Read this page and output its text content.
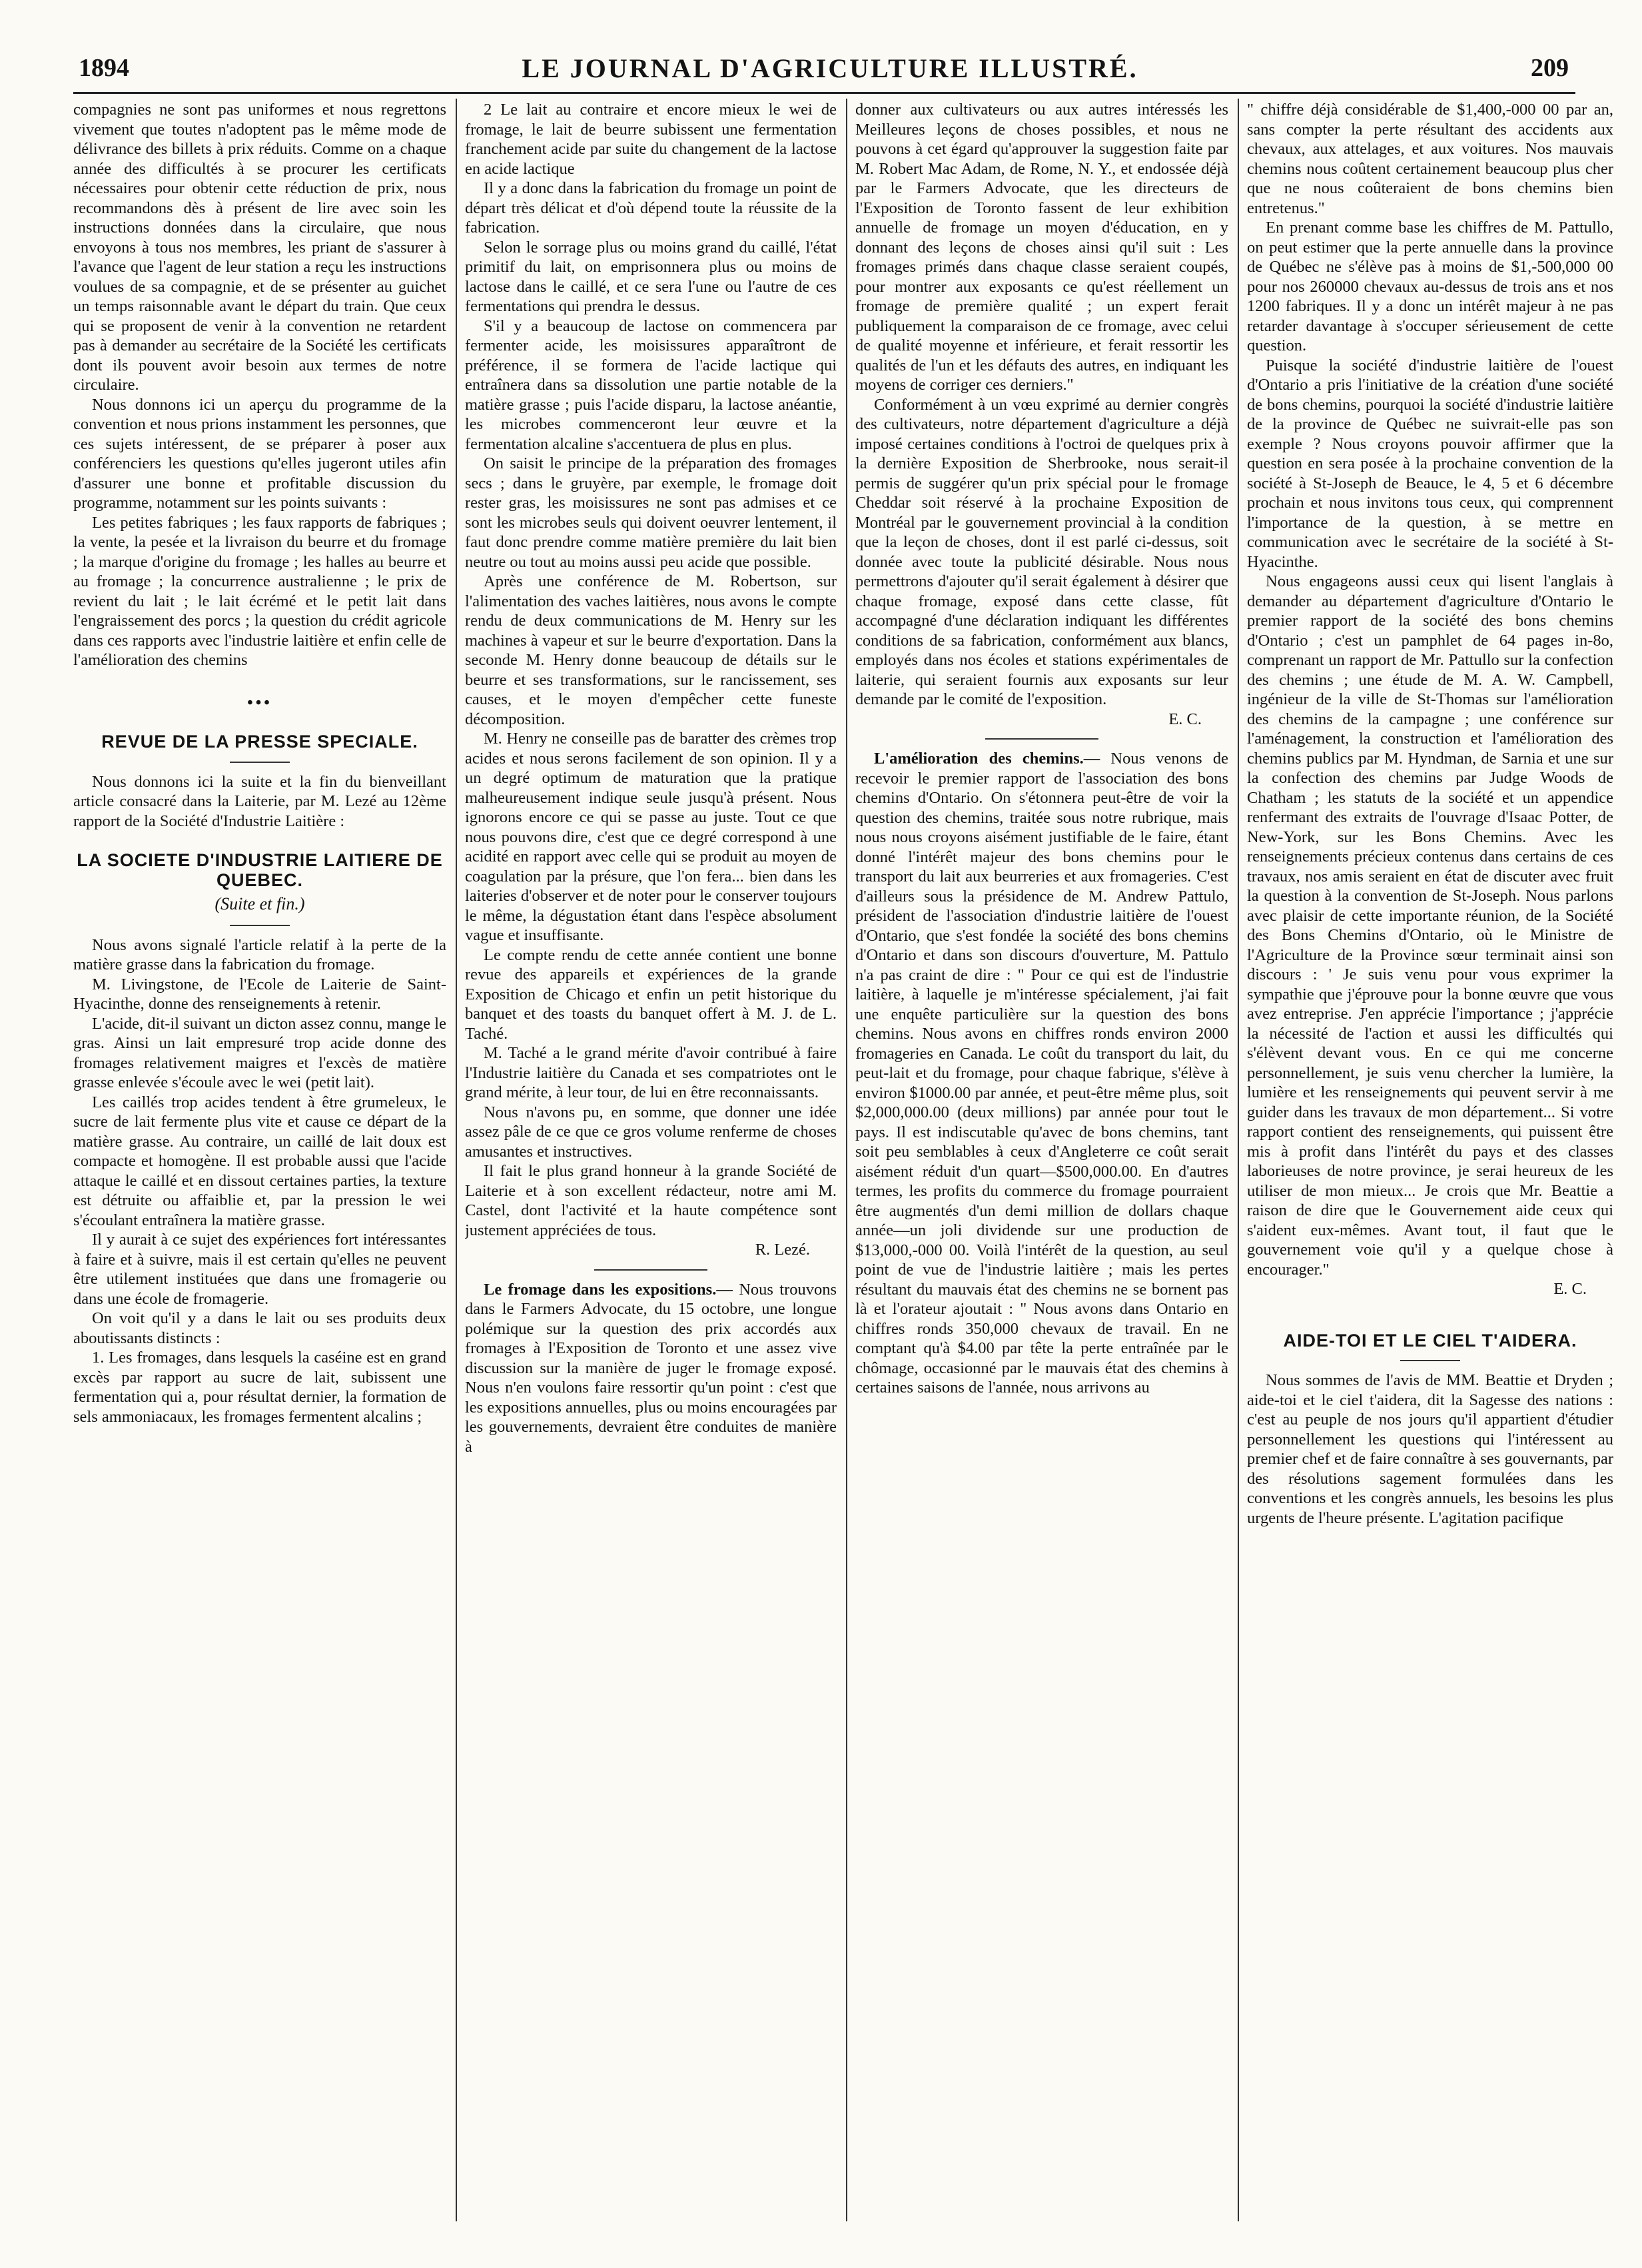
1894	LE JOURNAL D'AGRICULTURE ILLUSTRÉ.	209

compagnies ne sont pas uniformes et nous regrettons vivement que toutes n'adoptent pas le même mode de délivrance des billets à prix réduits. Comme on a chaque année des difficultés à se procurer les certificats nécessaires pour obtenir cette réduction de prix, nous recommandons dès à présent de lire avec soin les instructions données dans la circulaire, que nous envoyons à tous nos membres, les priant de s'assurer à l'avance que l'agent de leur station a reçu les instructions voulues de sa compagnie, et de se présenter au guichet un temps raisonnable avant le départ du train. Que ceux qui se proposent de venir à la convention ne retardent pas à demander au secrétaire de la Société les certificats dont ils pouvent avoir besoin aux termes de notre circulaire.

Nous donnons ici un aperçu du programme de la convention et nous prions instamment les personnes, que ces sujets intéressent, de se préparer à poser aux conférenciers les questions qu'elles jugeront utiles afin d'assurer une bonne et profitable discussion du programme, notamment sur les points suivants :

Les petites fabriques ; les faux rapports de fabriques ; la vente, la pesée et la livraison du beurre et du fromage ; la marque d'origine du fromage ; les halles au beurre et au fromage ; la concurrence australienne ; le prix de revient du lait ; le lait écrémé et le petit lait dans l'engraissement des porcs ; la question du crédit agricole dans ces rapports avec l'industrie laitière et enfin celle de l'amélioration des chemins

•••

REVUE DE LA PRESSE SPECIALE.

Nous donnons ici la suite et la fin du bienveillant article consacré dans la Laiterie, par M. Lezé au 12ème rapport de la Société d'Industrie Laitière :

LA SOCIETE D'INDUSTRIE LAITIERE DE QUEBEC.

(Suite et fin.)

Nous avons signalé l'article relatif à la perte de la matière grasse dans la fabrication du fromage.

M. Livingstone, de l'Ecole de Laiterie de Saint-Hyacinthe, donne des renseignements à retenir.

L'acide, dit-il suivant un dicton assez connu, mange le gras. Ainsi un lait empresuré trop acide donne des fromages relativement maigres et l'excès de matière grasse enlevée s'écoule avec le wei (petit lait).

Les caillés trop acides tendent à être grumeleux, le sucre de lait fermente plus vite et cause ce départ de la matière grasse. Au contraire, un caillé de lait doux est compacte et homogène. Il est probable aussi que l'acide attaque le caillé et en dissout certaines parties, la texture est détruite ou affaiblie et, par la pression le wei s'écoulant entraînera la matière grasse.

Il y aurait à ce sujet des expériences fort intéressantes à faire et à suivre, mais il est certain qu'elles ne peuvent être utilement instituées que dans une fromagerie ou dans une école de fromagerie.

On voit qu'il y a dans le lait ou ses produits deux aboutissants distincts :

1. Les fromages, dans lesquels la caséine est en grand excès par rapport au sucre de lait, subissent une fermentation qui a, pour résultat dernier, la formation de sels ammoniacaux, les fromages fermentent alcalins ;

2 Le lait au contraire et encore mieux le wei de fromage, le lait de beurre subissent une fermentation franchement acide par suite du changement de la lactose en acide lactique

Il y a donc dans la fabrication du fromage un point de départ très délicat et d'où dépend toute la réussite de la fabrication.

Selon le sorrage plus ou moins grand du caillé, l'état primitif du lait, on emprisonnera plus ou moins de lactose dans le caillé, et ce sera l'une ou l'autre de ces fermentations qui prendra le dessus.

S'il y a beaucoup de lactose on commencera par fermenter acide, les moisissures apparaîtront de préférence, il se formera de l'acide lactique qui entraînera dans sa dissolution une partie notable de la matière grasse ; puis l'acide disparu, la lactose anéantie, les microbes commenceront leur œuvre et la fermentation alcaline s'accentuera de plus en plus.

On saisit le principe de la préparation des fromages secs ; dans le gruyère, par exemple, le fromage doit rester gras, les moisissures ne sont pas admises et ce sont les microbes seuls qui doivent oeuvrer lentement, il faut donc prendre comme matière première du lait bien neutre ou tout au moins aussi peu acide que possible.

Après une conférence de M. Robertson, sur l'alimentation des vaches laitières, nous avons le compte rendu de deux communications de M. Henry sur les machines à vapeur et sur le beurre d'exportation. Dans la seconde M. Henry donne beaucoup de détails sur le beurre et ses transformations, sur le rancissement, ses causes, et le moyen d'empêcher cette funeste décomposition.

M. Henry ne conseille pas de baratter des crèmes trop acides et nous serons facilement de son opinion. Il y a un degré optimum de maturation que la pratique malheureusement indique seule jusqu'à présent. Nous ignorons encore ce qui se passe au juste. Tout ce que nous pouvons dire, c'est que ce degré correspond à une acidité en rapport avec celle qui se produit au moyen de coagulation par la présure, que l'on fera... bien dans les laiteries d'observer et de noter pour le conserver toujours le même, la dégustation étant dans l'espèce absolument vague et insuffisante.

Le compte rendu de cette année contient une bonne revue des appareils et expériences de la grande Exposition de Chicago et enfin un petit historique du banquet et des toasts du banquet offert à M. J. de L. Taché.

M. Taché a le grand mérite d'avoir contribué à faire l'Industrie laitière du Canada et ses compatriotes ont le grand mérite, à leur tour, de lui en être reconnaissants.

Nous n'avons pu, en somme, que donner une idée assez pâle de ce que ce gros volume renferme de choses amusantes et instructives.

Il fait le plus grand honneur à la grande Société de Laiterie et à son excellent rédacteur, notre ami M. Castel, dont l'activité et la haute compétence sont justement appréciées de tous.

R. Lezé.

Le fromage dans les expositions.— Nous trouvons dans le Farmers Advocate, du 15 octobre, une longue polémique sur la question des prix accordés aux fromages à l'Exposition de Toronto et une assez vive discussion sur la manière de juger le fromage exposé. Nous n'en voulons faire ressortir qu'un point : c'est que les expositions annuelles, plus ou moins encouragées par les gouvernements, devraient être conduites de manière à

donner aux cultivateurs ou aux autres intéressés les Meilleures leçons de choses possibles, et nous ne pouvons à cet égard qu'approuver la suggestion faite par M. Robert Mac Adam, de Rome, N. Y., et endossée déjà par le Farmers Advocate, que les directeurs de l'Exposition de Toronto fassent de leur exhibition annuelle de fromage un moyen d'éducation, en y donnant des leçons de choses ainsi qu'il suit : Les fromages primés dans chaque classe seraient coupés, pour montrer aux exposants ce qu'est réellement un fromage de première qualité ; un expert ferait publiquement la comparaison de ce fromage, avec celui de qualité moyenne et inférieure, et ferait ressortir les qualités de l'un et les défauts des autres, en indiquant les moyens de corriger ces derniers."

Conformément à un vœu exprimé au dernier congrès des cultivateurs, notre département d'agriculture a déjà imposé certaines conditions à l'octroi de quelques prix à la dernière Exposition de Sherbrooke, nous serait-il permis de suggérer qu'un prix spécial pour le fromage Cheddar soit réservé à la prochaine Exposition de Montréal par le gouvernement provincial à la condition que la leçon de choses, dont il est parlé ci-dessus, soit donnée avec toute la publicité désirable. Nous nous permettrons d'ajouter qu'il serait également à désirer que chaque fromage, exposé dans cette classe, fût accompagné d'une déclaration indiquant les différentes conditions de sa fabrication, conformément aux blancs, employés dans nos écoles et stations expérimentales de laiterie, qui seraient fournis aux exposants sur leur demande par le comité de l'exposition.

E. C.

L'amélioration des chemins.— Nous venons de recevoir le premier rapport de l'association des bons chemins d'Ontario. On s'étonnera peut-être de voir la question des chemins, traitée sous notre rubrique, mais nous nous croyons aisément justifiable de le faire, étant donné l'intérêt majeur des bons chemins pour le transport du lait aux beurreries et aux fromageries. C'est d'ailleurs sous la présidence de M. Andrew Pattulo, président de l'association d'industrie laitière de l'ouest d'Ontario, que s'est fondée la société des bons chemins d'Ontario et dans son discours d'ouverture, M. Pattulo n'a pas craint de dire : " Pour ce qui est de l'industrie laitière, à laquelle je m'intéresse spécialement, j'ai fait une enquête particulière sur la question des bons chemins. Nous avons en chiffres ronds environ 2000 fromageries en Canada. Le coût du transport du lait, du peut-lait et du fromage, pour chaque fabrique, s'élève à environ $1000.00 par année, et peut-être même plus, soit $2,000,000.00 (deux millions) par année pour tout le pays. Il est indiscutable qu'avec de bons chemins, tant soit peu semblables à ceux d'Angleterre ce coût serait aisément réduit d'un quart—$500,000.00. En d'autres termes, les profits du commerce du fromage pourraient être augmentés d'un demi million de dollars chaque année—un joli dividende sur une production de $13,000,-000 00. Voilà l'intérêt de la question, au seul point de vue de l'industrie laitière ; mais les pertes résultant du mauvais état des chemins ne se bornent pas là et l'orateur ajoutait : " Nous avons dans Ontario en chiffres ronds 350,000 chevaux de travail. En ne comptant qu'à $4.00 par tête la perte entraînée par le chômage, occasionné par le mauvais état des chemins à certaines saisons de l'année, nous arrivons au

" chiffre déjà considérable de $1,400,-000 00 par an, sans compter la perte résultant des accidents aux chevaux, aux attelages, et aux voitures. Nos mauvais chemins nous coûtent certainement beaucoup plus cher que ne nous coûteraient de bons chemins bien entretenus."

En prenant comme base les chiffres de M. Pattullo, on peut estimer que la perte annuelle dans la province de Québec ne s'élève pas à moins de $1,-500,000 00 pour nos 260000 chevaux au-dessus de trois ans et nos 1200 fabriques. Il y a donc un intérêt majeur à ne pas retarder davantage à s'occuper sérieusement de cette question.

Puisque la société d'industrie laitière de l'ouest d'Ontario a pris l'initiative de la création d'une société de bons chemins, pourquoi la société d'industrie laitière de la province de Québec ne suivrait-elle pas son exemple ? Nous croyons pouvoir affirmer que la question en sera posée à la prochaine convention de la société à St-Joseph de Beauce, le 4, 5 et 6 décembre prochain et nous invitons tous ceux, qui comprennent l'importance de la question, à se mettre en communication avec le secrétaire de la société à St-Hyacinthe.

Nous engageons aussi ceux qui lisent l'anglais à demander au département d'agriculture d'Ontario le premier rapport de la société des bons chemins d'Ontario ; c'est un pamphlet de 64 pages in-8o, comprenant un rapport de Mr. Pattullo sur la confection des chemins ; une étude de M. A. W. Campbell, ingénieur de la ville de St-Thomas sur l'amélioration des chemins de la campagne ; une conférence sur l'aménagement, la construction et l'amélioration des chemins publics par M. Hyndman, de Sarnia et une sur la confection des chemins par Judge Woods de Chatham ; les statuts de la société et un appendice renfermant des extraits de l'ouvrage d'Isaac Potter, de New-York, sur les Bons Chemins. Avec les renseignements précieux contenus dans certains de ces travaux, nos amis seraient en état de discuter avec fruit la question à la convention de St-Joseph. Nous parlons avec plaisir de cette importante réunion, de la Société des Bons Chemins d'Ontario, où le Ministre de l'Agriculture de la Province sœur terminait ainsi son discours : ' Je suis venu pour vous exprimer la sympathie que j'éprouve pour la bonne œuvre que vous avez entreprise. J'en apprécie l'importance ; j'apprécie la nécessité de l'action et aussi les difficultés qui s'élèvent devant vous. En ce qui me concerne personnellement, je suis venu chercher la lumière, la lumière et les renseignements qui peuvent servir à me guider dans les travaux de mon département... Si votre rapport contient des renseignements, qui puissent être mis à profit dans l'intérêt du pays et des classes laborieuses de notre province, je serai heureux de les utiliser de mon mieux... Je crois que Mr. Beattie a raison de dire que le Gouvernement aide ceux qui s'aident eux-mêmes. Avant tout, il faut que le gouvernement voie qu'il y a quelque chose à encourager."

E. C.

AIDE-TOI ET LE CIEL T'AIDERA.

Nous sommes de l'avis de MM. Beattie et Dryden ; aide-toi et le ciel t'aidera, dit la Sagesse des nations : c'est au peuple de nos jours qu'il appartient d'étudier personnellement les questions qui l'intéressent au premier chef et de faire connaître à ses gouvernants, par des résolutions sagement formulées dans les conventions et les congrès annuels, les besoins les plus urgents de l'heure présente. L'agitation pacifique
